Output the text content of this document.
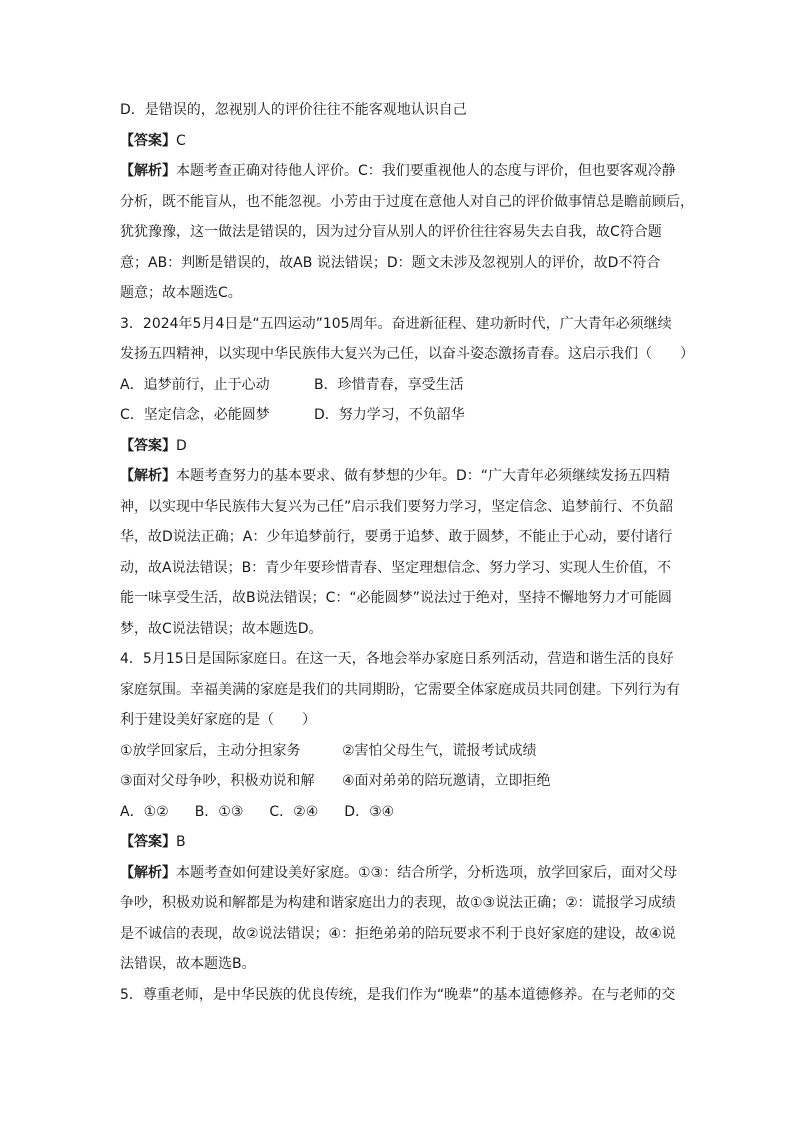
D．是错误的，忽视别人的评价往往不能客观地认识自己
【答案】C
【解析】本题考查正确对待他人评价。C：我们要重视他人的态度与评价，但也要客观冷静
分析，既不能盲从，也不能忽视。小芳由于过度在意他人对自己的评价做事情总是瞻前顾后，
犹犹豫豫，这一做法是错误的，因为过分盲从别人的评价往往容易失去自我，故C符合题
意；AB：判断是错误的，故AB 说法错误；D：题文未涉及忽视别人的评价，故D不符合
题意；故本题选C。
3．2024年5月4日是“五四运动”105周年。奋进新征程、建功新时代，广大青年必须继续
发扬五四精神，以实现中华民族伟大复兴为己任，以奋斗姿态激扬青春。这启示我们（　　）
A．追梦前行，止于心动	B．珍惜青春，享受生活
C．坚定信念，必能圆梦	D．努力学习，不负韶华
【答案】D
【解析】本题考查努力的基本要求、做有梦想的少年。D：“广大青年必须继续发扬五四精
神，以实现中华民族伟大复兴为己任”启示我们要努力学习，坚定信念、追梦前行、不负韶
华，故D说法正确；A：少年追梦前行，要勇于追梦、敢于圆梦，不能止于心动，要付诸行
动，故A说法错误；B：青少年要珍惜青春、坚定理想信念、努力学习、实现人生价值，不
能一味享受生活，故B说法错误；C：“必能圆梦”说法过于绝对，坚持不懈地努力才可能圆
梦，故C说法错误；故本题选D。
4．5月15日是国际家庭日。在这一天，各地会举办家庭日系列活动，营造和谐生活的良好
家庭氛围。幸福美满的家庭是我们的共同期盼，它需要全体家庭成员共同创建。下列行为有
利于建设美好家庭的是（　　）
①放学回家后，主动分担家务	②害怕父母生气，谎报考试成绩
③面对父母争吵，积极劝说和解	④面对弟弟的陪玩邀请，立即拒绝
A．①② B．①③ C．②④ D．③④
【答案】B
【解析】本题考查如何建设美好家庭。①③：结合所学，分析选项，放学回家后，面对父母
争吵，积极劝说和解都是为构建和谐家庭出力的表现，故①③说法正确；②：谎报学习成绩
是不诚信的表现，故②说法错误；④：拒绝弟弟的陪玩要求不利于良好家庭的建设，故④说
法错误，故本题选B。
5．尊重老师，是中华民族的优良传统，是我们作为“晚辈”的基本道德修养。在与老师的交
